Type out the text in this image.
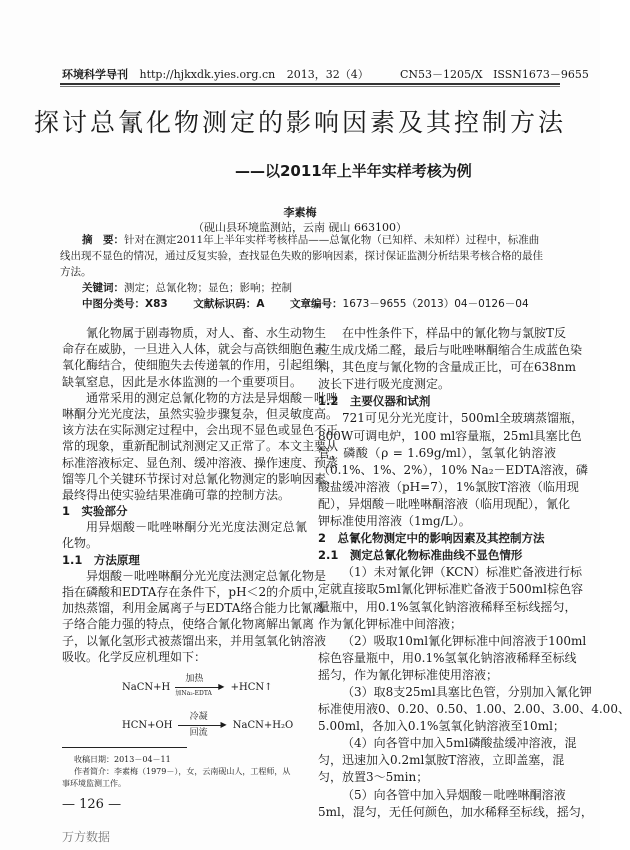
环境科学导刊 http://hjkxdk.yies.org.cn 2013，32（4）	CN53－1205/X ISSN1673－9655
探讨总氰化物测定的影响因素及其控制方法
——以2011年上半年实样考核为例
李素梅
（砚山县环境监测站，云南 砚山 663100）
摘　要：针对在测定2011年上半年实样考核样品——总氰化物（已知样、未知样）过程中，标准曲
线出现不显色的情况，通过反复实验，查找显色失败的影响因素，探讨保证监测分析结果考核合格的最佳
方法。
关键词：测定；总氰化物；显色；影响；控制
中图分类号：X83 文献标识码：A 文章编号：1673－9655（2013）04－0126－04
氰化物属于剧毒物质，对人、畜、水生动物生
命存在威胁，一旦进入人体，就会与高铁细胞色素
氧化酶结合，使细胞失去传递氧的作用，引起组织
缺氧窒息，因此是水体监测的一个重要项目。
通常采用的测定总氰化物的方法是异烟酸－吡唑
啉酮分光光度法，虽然实验步骤复杂，但灵敏度高。
该方法在实际测定过程中，会出现不显色或显色不正
常的现象，重新配制试剂测定又正常了。本文主要从
标准溶液标定、显色剂、缓冲溶液、操作速度、预蒸
馏等几个关键环节探讨对总氰化物测定的影响因素，
最终得出使实验结果准确可靠的控制方法。
1　实验部分
用异烟酸－吡唑啉酮分光光度法测定总氰
化物。
1.1　方法原理
异烟酸－吡唑啉酮分光光度法测定总氰化物是
指在磷酸和EDTA存在条件下，pH＜2的介质中，
加热蒸馏，利用金属离子与EDTA络合能力比氰离
子络合能力强的特点，使络合氰化物离解出氰离
子，以氰化氢形式被蒸馏出来，并用氢氧化钠溶液
吸收。化学反应机理如下：
在中性条件下，样品中的氰化物与氯胺T反
应生成戊烯二醛，最后与吡唑啉酮缩合生成蓝色染
料，其色度与氰化物的含量成正比，可在638nm
波长下进行吸光度测定。
1.2　主要仪器和试剂
721可见分光光度计，500ml全玻璃蒸馏瓶，
800W可调电炉，100 ml容量瓶，25ml具塞比色
管，磷酸（ρ = 1.69g/ml），氢氧化钠溶液
（0.1%、1%、2%），10% Na₂－EDTA溶液，磷
酸盐缓冲溶液（pH=7），1%氯胺T溶液（临用现
配），异烟酸－吡唑啉酮溶液（临用现配），氰化
钾标准使用溶液（1mg/L）。
2　总氰化物测定中的影响因素及其控制方法
2.1　测定总氰化物标准曲线不显色情形
（1）未对氰化钾（KCN）标准贮备液进行标
定就直接取5ml氰化钾标准贮备液于500ml棕色容
量瓶中，用0.1%氢氧化钠溶液稀释至标线摇匀，
作为氰化钾标准中间溶液；
（2）吸取10ml氰化钾标准中间溶液于100ml
棕色容量瓶中，用0.1%氢氧化钠溶液稀释至标线
摇匀，作为氰化钾标准使用溶液；
（3）取8支25ml具塞比色管，分别加入氰化钾
标准使用液0、0.20、0.50、1.00、2.00、3.00、4.00、
5.00ml，各加入0.1%氢氧化钠溶液至10ml；
（4）向各管中加入5ml磷酸盐缓冲溶液，混
匀，迅速加入0.2ml氯胺T溶液，立即盖塞，混
匀，放置3～5min；
（5）向各管中加入异烟酸－吡唑啉酮溶液
5ml，混匀，无任何颜色，加水稀释至标线，摇匀，
NaCN+H
加热
加Na₂-EDTA
▶ +HCN↑
HCN+OH
冷凝
回流
▶ NaCN+H₂O
收稿日期：2013－04－11
作者简介：李素梅（1979－），女，云南砚山人，工程师，从
事环境监测工作。
— 126 —
万方数据
